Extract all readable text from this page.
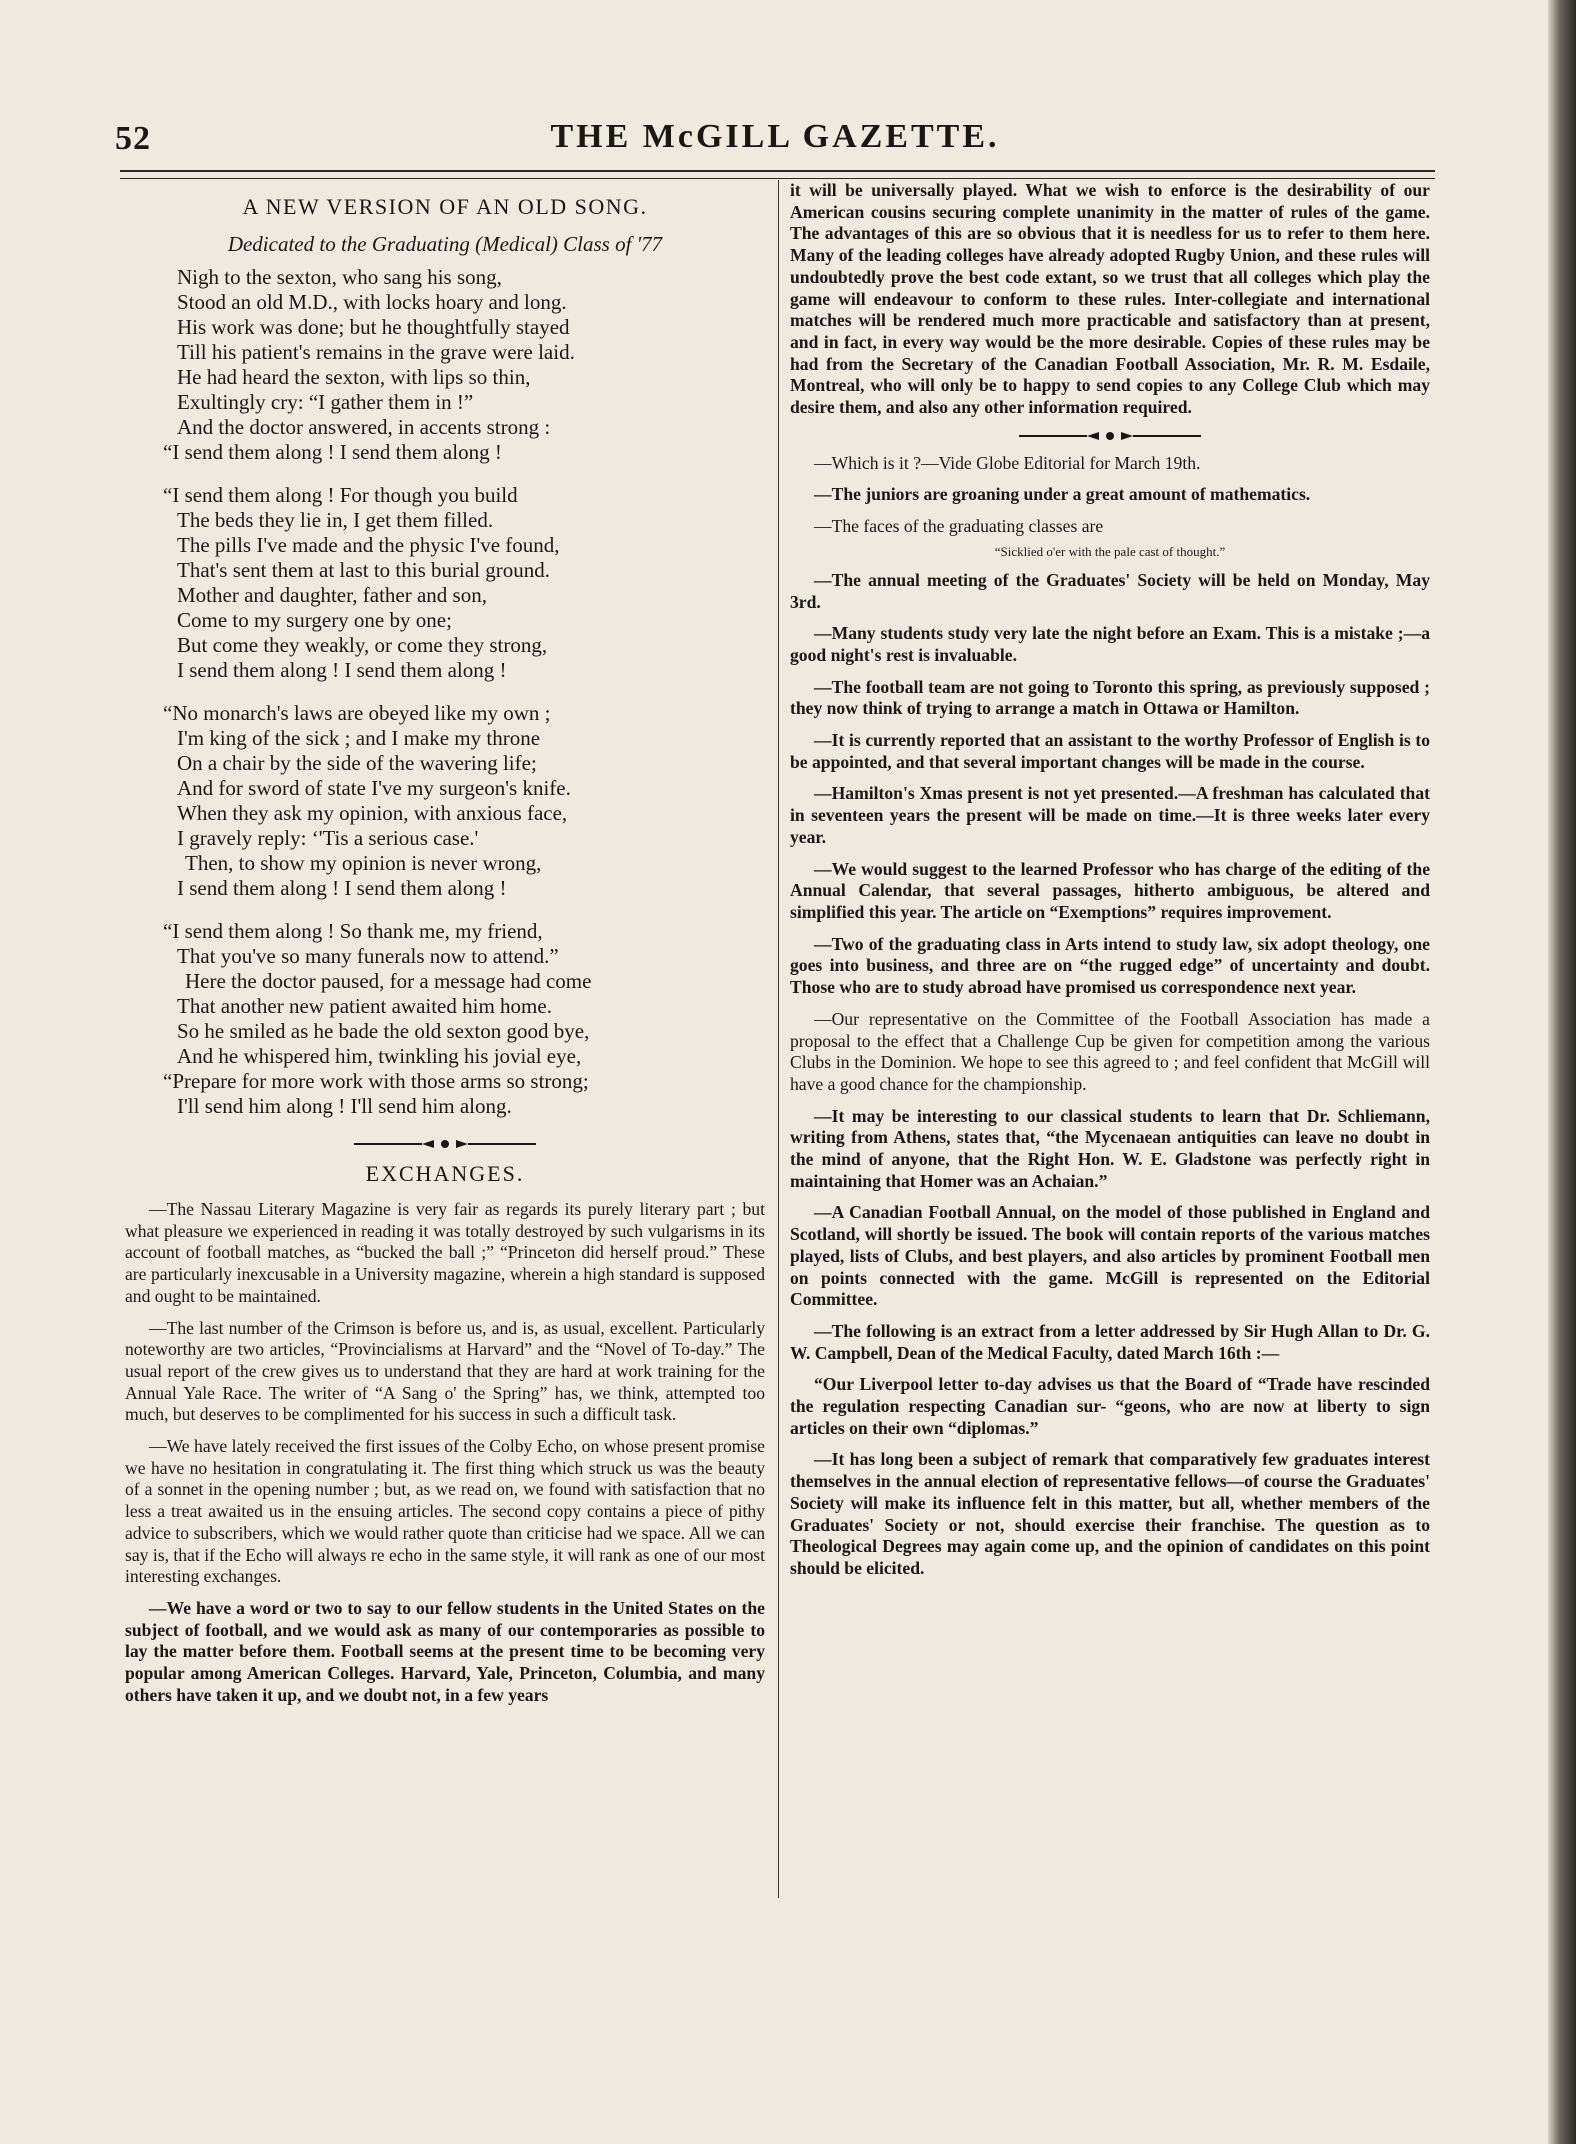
52	THE McGILL GAZETTE.
A NEW VERSION OF AN OLD SONG.
Dedicated to the Graduating (Medical) Class of '77
Nigh to the sexton, who sang his song,
Stood an old M.D., with locks hoary and long.
His work was done; but he thoughtfully stayed
Till his patient's remains in the grave were laid.
He had heard the sexton, with lips so thin,
Exultingly cry: “I gather them in !”
And the doctor answered, in accents strong :
“I send them along ! I send them along !
“I send them along ! For though you build
The beds they lie in, I get them filled.
The pills I've made and the physic I've found,
That's sent them at last to this burial ground.
Mother and daughter, father and son,
Come to my surgery one by one;
But come they weakly, or come they strong,
I send them along ! I send them along !
“No monarch's laws are obeyed like my own ;
I'm king of the sick ; and I make my throne
On a chair by the side of the wavering life;
And for sword of state I've my surgeon's knife.
When they ask my opinion, with anxious face,
I gravely reply: ‘'Tis a serious case.'
Then, to show my opinion is never wrong,
I send them along ! I send them along !
“I send them along ! So thank me, my friend,
That you've so many funerals now to attend.”
Here the doctor paused, for a message had come
That another new patient awaited him home.
So he smiled as he bade the old sexton good bye,
And he whispered him, twinkling his jovial eye,
“Prepare for more work with those arms so strong;
I'll send him along ! I'll send him along.
EXCHANGES.

—The Nassau Literary Magazine is very fair as regards its purely literary part ; but what pleasure we experienced in reading it was totally destroyed by such vulgarisms in its account of football matches, as “bucked the ball ;” “Princeton did herself proud.” These are particularly inexcusable in a University magazine, wherein a high standard is supposed and ought to be maintained.

—The last number of the Crimson is before us, and is, as usual, excellent. Particularly noteworthy are two articles, “Provincialisms at Harvard” and the “Novel of To-day.” The usual report of the crew gives us to understand that they are hard at work training for the Annual Yale Race. The writer of “A Sang o' the Spring” has, we think, attempted too much, but deserves to be complimented for his success in such a difficult task.

—We have lately received the first issues of the Colby Echo, on whose present promise we have no hesitation in congratulating it. The first thing which struck us was the beauty of a sonnet in the opening number ; but, as we read on, we found with satisfaction that no less a treat awaited us in the ensuing articles. The second copy contains a piece of pithy advice to subscribers, which we would rather quote than criticise had we space. All we can say is, that if the Echo will always re echo in the same style, it will rank as one of our most interesting exchanges.

—We have a word or two to say to our fellow students in the United States on the subject of football, and we would ask as many of our contemporaries as possible to lay the matter before them. Football seems at the present time to be becoming very popular among American Colleges. Harvard, Yale, Princeton, Columbia, and many others have taken it up, and we doubt not, in a few years

it will be universally played. What we wish to enforce is the desirability of our American cousins securing complete unanimity in the matter of rules of the game. The advantages of this are so obvious that it is needless for us to refer to them here. Many of the leading colleges have already adopted Rugby Union, and these rules will undoubtedly prove the best code extant, so we trust that all colleges which play the game will endeavour to conform to these rules. Inter-collegiate and international matches will be rendered much more practicable and satisfactory than at present, and in fact, in every way would be the more desirable. Copies of these rules may be had from the Secretary of the Canadian Football Association, Mr. R. M. Esdaile, Montreal, who will only be to happy to send copies to any College Club which may desire them, and also any other information required.

—Which is it ?—Vide Globe Editorial for March 19th.

—The juniors are groaning under a great amount of mathematics.

—The faces of the graduating classes are

“Sicklied o'er with the pale cast of thought.”

—The annual meeting of the Graduates' Society will be held on Monday, May 3rd.

—Many students study very late the night before an Exam. This is a mistake ;—a good night's rest is invaluable.

—The football team are not going to Toronto this spring, as previously supposed ; they now think of trying to arrange a match in Ottawa or Hamilton.

—It is currently reported that an assistant to the worthy Professor of English is to be appointed, and that several important changes will be made in the course.

—Hamilton's Xmas present is not yet presented.—A freshman has calculated that in seventeen years the present will be made on time.—It is three weeks later every year.

—We would suggest to the learned Professor who has charge of the editing of the Annual Calendar, that several passages, hitherto ambiguous, be altered and simplified this year. The article on “Exemptions” requires improvement.

—Two of the graduating class in Arts intend to study law, six adopt theology, one goes into business, and three are on “the rugged edge” of uncertainty and doubt. Those who are to study abroad have promised us correspondence next year.

—Our representative on the Committee of the Football Association has made a proposal to the effect that a Challenge Cup be given for competition among the various Clubs in the Dominion. We hope to see this agreed to ; and feel confident that McGill will have a good chance for the championship.

—It may be interesting to our classical students to learn that Dr. Schliemann, writing from Athens, states that, “the Mycenaean antiquities can leave no doubt in the mind of anyone, that the Right Hon. W. E. Gladstone was perfectly right in maintaining that Homer was an Achaian.”

—A Canadian Football Annual, on the model of those published in England and Scotland, will shortly be issued. The book will contain reports of the various matches played, lists of Clubs, and best players, and also articles by prominent Football men on points connected with the game. McGill is represented on the Editorial Committee.

—The following is an extract from a letter addressed by Sir Hugh Allan to Dr. G. W. Campbell, Dean of the Medical Faculty, dated March 16th :—

“Our Liverpool letter to-day advises us that the Board of “Trade have rescinded the regulation respecting Canadian sur- “geons, who are now at liberty to sign articles on their own “diplomas.”

—It has long been a subject of remark that comparatively few graduates interest themselves in the annual election of representative fellows—of course the Graduates' Society will make its influence felt in this matter, but all, whether members of the Graduates' Society or not, should exercise their franchise. The question as to Theological Degrees may again come up, and the opinion of candidates on this point should be elicited.
